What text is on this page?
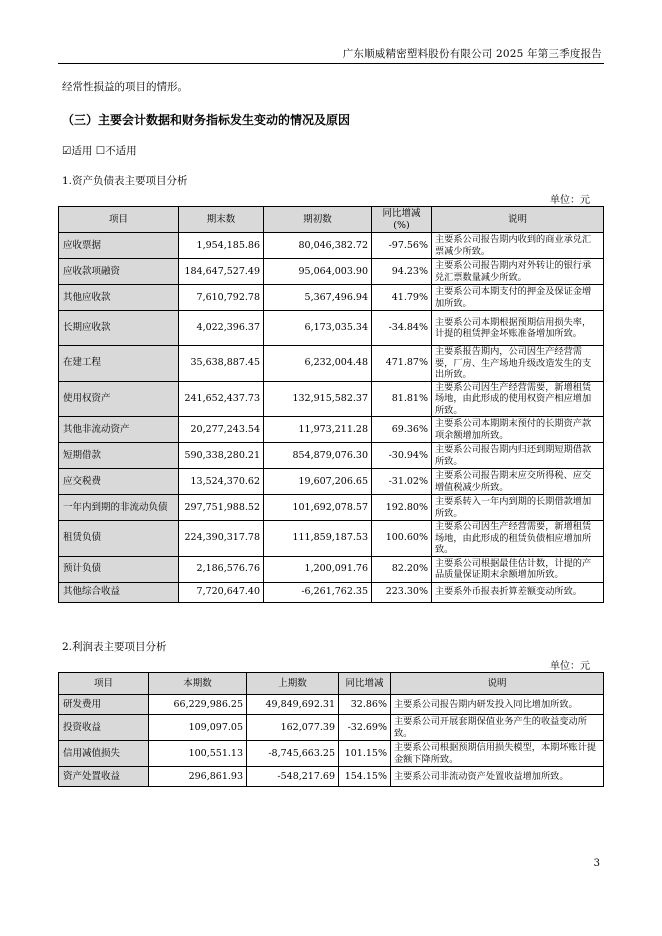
广东顺威精密塑料股份有限公司 2025 年第三季度报告
经常性损益的项目的情形。
（三）主要会计数据和财务指标发生变动的情况及原因
☑适用 ☐不适用
1.资产负债表主要项目分析
单位：元
项目	期末数	期初数	同比增减(%)	说明
应收票据	1,954,185.86	80,046,382.72	-97.56%	主要系公司报告期内收到的商业承兑汇票减少所致。
应收款项融资	184,647,527.49	95,064,003.90	94.23%	主要系公司报告期内对外转让的银行承兑汇票数量减少所致。
其他应收款	7,610,792.78	5,367,496.94	41.79%	主要系公司本期支付的押金及保证金增加所致。
长期应收款	4,022,396.37	6,173,035.34	-34.84%	主要系公司本期根据预期信用损失率，计提的租赁押金坏账准备增加所致。
在建工程	35,638,887.45	6,232,004.48	471.87%	主要系报告期内，公司因生产经营需要，厂房、生产场地升级改造发生的支出所致。
使用权资产	241,652,437.73	132,915,582.37	81.81%	主要系公司因生产经营需要，新增租赁场地，由此形成的使用权资产相应增加所致。
其他非流动资产	20,277,243.54	11,973,211.28	69.36%	主要系公司本期期末预付的长期资产款项余额增加所致。
短期借款	590,338,280.21	854,879,076.30	-30.94%	主要系公司报告期内归还到期短期借款所致。
应交税费	13,524,370.62	19,607,206.65	-31.02%	主要系公司报告期末应交所得税、应交增值税减少所致。
一年内到期的非流动负债	297,751,988.52	101,692,078.57	192.80%	主要系转入一年内到期的长期借款增加所致。
租赁负债	224,390,317.78	111,859,187.53	100.60%	主要系公司因生产经营需要，新增租赁场地，由此形成的租赁负债相应增加所致。
预计负债	2,186,576.76	1,200,091.76	82.20%	主要系公司根据最佳估计数，计提的产品质量保证期末余额增加所致。
其他综合收益	7,720,647.40	-6,261,762.35	223.30%	主要系外币报表折算差额变动所致。
2.利润表主要项目分析
单位：元
项目	本期数	上期数	同比增减	说明
研发费用	66,229,986.25	49,849,692.31	32.86%	主要系公司报告期内研发投入同比增加所致。
投资收益	109,097.05	162,077.39	-32.69%	主要系公司开展套期保值业务产生的收益变动所致。
信用减值损失	100,551.13	-8,745,663.25	101.15%	主要系公司根据预期信用损失模型，本期坏账计提金额下降所致。
资产处置收益	296,861.93	-548,217.69	154.15%	主要系公司非流动资产处置收益增加所致。
3
